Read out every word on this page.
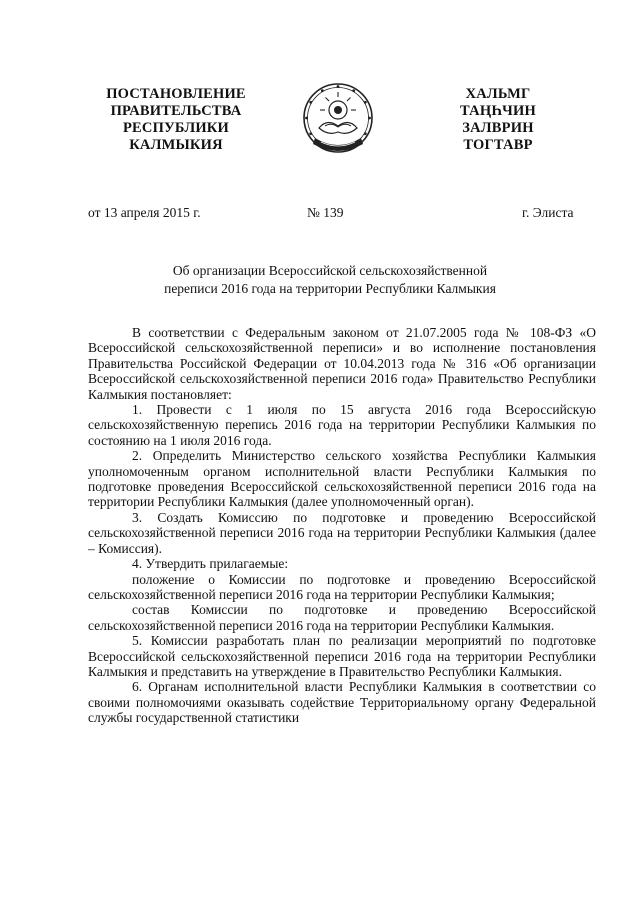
ПОСТАНОВЛЕНИЕ
ПРАВИТЕЛЬСТВА
РЕСПУБЛИКИ
КАЛМЫКИЯ
ХАЛЬМГ
ТАҢҺЧИН
ЗАЛВРИН
ТОГТАВР
от 13 апреля 2015 г.	№ 139	г. Элиста
Об организации Всероссийской сельскохозяйственной
переписи 2016 года на территории Республики Калмыкия

В соответствии с Федеральным законом от 21.07.2005 года № 108-ФЗ «О Всероссийской сельскохозяйственной переписи» и во исполнение постановления Правительства Российской Федерации от 10.04.2013 года № 316 «Об организации Всероссийской сельскохозяйственной переписи 2016 года» Правительство Республики Калмыкия постановляет:

1. Провести с 1 июля по 15 августа 2016 года Всероссийскую сельскохозяйственную перепись 2016 года на территории Республики Калмыкия по состоянию на 1 июля 2016 года.

2. Определить Министерство сельского хозяйства Республики Калмыкия уполномоченным органом исполнительной власти Республики Калмыкия по подготовке проведения Всероссийской сельскохозяйственной переписи 2016 года на территории Республики Калмыкия (далее уполномоченный орган).

3. Создать Комиссию по подготовке и проведению Всероссийской сельскохозяйственной переписи 2016 года на территории Республики Калмыкия (далее – Комиссия).

4. Утвердить прилагаемые:

положение о Комиссии по подготовке и проведению Всероссийской сельскохозяйственной переписи 2016 года на территории Республики Калмыкия;

состав Комиссии по подготовке и проведению Всероссийской сельскохозяйственной переписи 2016 года на территории Республики Калмыкия.

5. Комиссии разработать план по реализации мероприятий по подготовке Всероссийской сельскохозяйственной переписи 2016 года на территории Республики Калмыкия и представить на утверждение в Правительство Республики Калмыкия.

6. Органам исполнительной власти Республики Калмыкия в соответствии со своими полномочиями оказывать содействие Территориальному органу Федеральной службы государственной статистики
